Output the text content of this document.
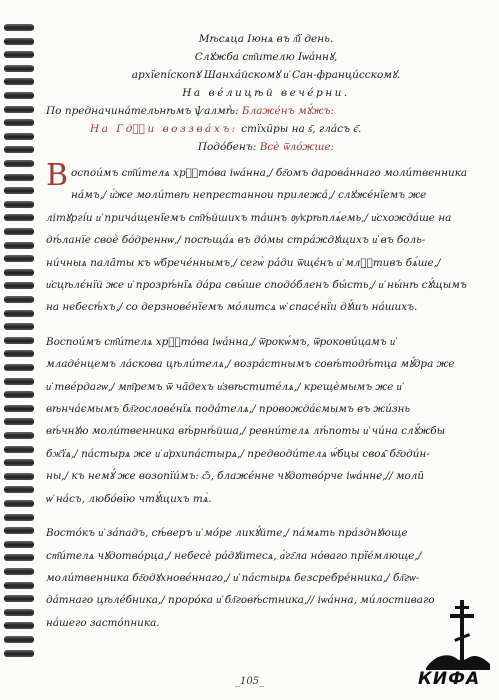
Мѣсѧца Іюнѧ въ л҃ї день.
Слꙋжба ст҃ителю Іѡа́ннꙋ,
архїепі́скопꙋ Шанха́йскомꙋ и҆ Сан-франци́сскомꙋ.
На ве́лицѣй вече́рни.
По предначина́тельнѣмъ ѱалмѣ̀: Блаже́нъ мꙋ́жъ:
На Гдⷭ҇и воззва́хъ: стїхи̑ры на ѕ҃, гла́съ є҃.
Подо́бенъ: Всѐ ѿло́жше:
В оспои́мъ ст҃и́телѧ хрⷭ҇то́ва іѡа́нна,/ бг҃омъ дарова́ннаго моли́твенника
на́мъ,/ и҆́же моли́твѣ непрестаннои прилежа́,/ слꙋже́нїемъ же
літꙋргі́и и҆ прича́щенїемъ ст҃ѣ́йшихъ та́инъ ᲂу҆крѣплѧ́емь,/ и҆схожда́ше на
дѣ́ланїе своѐ бо́дреннѡ,/ посѣща́ѧ въ до́мы стра́ждꙋщихъ и҆ въ боль-
ни́чныѧ пала̑ты къ ѡ҆брече́ннымъ,/ сегѡ̀ ра́ди ѿщє́нъ и҆ млⷭ҇тивъ бѧ́ше,/
и҆сцѣлє́нїй же и҆ прозрѣ́нїѧ да́ра свы́ше сподо́бленъ бы́сть,/ и҆ ны́нѣ сꙋ́щымъ
на небесѣ́хъ,/ со дерзнове́нїемъ мо́литсѧ ѡ҆ спасе́нїи дꙋ́шъ на́шихъ.
Воспои́мъ ст҃и́телѧ хрⷭ҇то́ва іѡа́нна,/ ѿрокѡ́мъ, ѿрокови́цамъ и҆
младе́нцемъ ла́скова цѣли́телѧ,/ возра́стнымъ совѣ́тодѣ́тца мꙋ́дра же
и҆ тве́рдагѡ,/ мт҃ремъ ѿ ча̑дехъ и҆звѣстите́лѧ,/ крещѐмымъ же и҆
вѣнча́ємымъ бл҃гослове́нїѧ пода́телѧ,/ провожда́ємымъ въ жи́знь
вѣ́чнꙋю моли́твенника вѣ́рнѣ́йша,/ ревни́телѧ лѣ́поты и҆ чи́на слꙋ́жбы
бж҃їѧ,/ па́стырѧ же и҆ а҆рхипа́стырѧ,/ предводи́телѧ ѡ҆́бцы своѧ̑ бг҃оди́н-
ны,/ къ немꙋ́ же возопїи́мъ: ѽ, блаже́нне чꙋдотво́рче іѡа́нне,// моли̑
ѡ҆ на́съ, любо́вїю чтꙋ́щихъ тѧ̀.
Восто́къ и҆ за́падъ, сѣ́веръ и҆ мо́ре ликꙋ́йте,/ па́мѧть пра́зднꙋющe
ст҃и́телѧ чꙋдотво́рца,/ небесѐ ра́дꙋйтесѧ, а҆́гг҃ла но́ваго прїе́млюще,/
моли́твенника бг҃одꙋхнове́ннаго,/ и҆ па́стырѧ безсребре́нника,/ бл҃гѡ-
да́тнаго цѣле́бника,/ проро́ка и҆ бл҃говѣ́стника,// іѡа́нна, ми́лостиваго
на́шего засто́пника.
_105_	КИФА
